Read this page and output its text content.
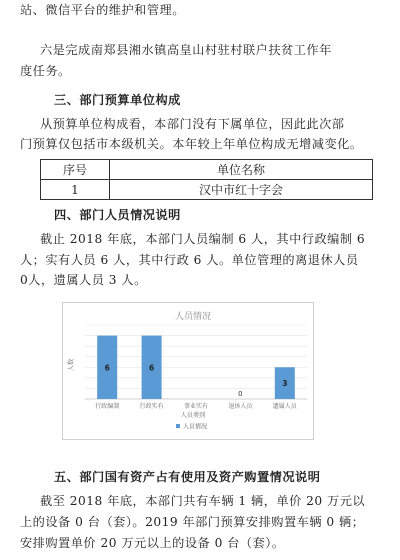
站、微信平台的维护和管理。
六是完成南郑县湘水镇高皇山村驻村联户扶贫工作年
度任务。
三、部门预算单位构成
从预算单位构成看，本部门没有下属单位，因此此次部
门预算仅包括市本级机关。本年较上年单位构成无增减变化。
序号	单位名称
1	汉中市红十字会
四、部门人员情况说明
截止 2018 年底，本部门人员编制 6 人，其中行政编制 6
人；实有人员 6 人，其中行政 6 人。单位管理的离退休人员
0人，遗属人员 3 人。
人员情况
人数
人员类别
6
行政编制
6
行政实有	事业实有
0
退休人员
3
遗属人员
人员情况
五、部门国有资产占有使用及资产购置情况说明
截至 2018 年底，本部门共有车辆 1 辆，单价 20 万元以
上的设备 0 台（套）。2019 年部门预算安排购置车辆 0 辆；
安排购置单价 20 万元以上的设备 0 台（套）。
